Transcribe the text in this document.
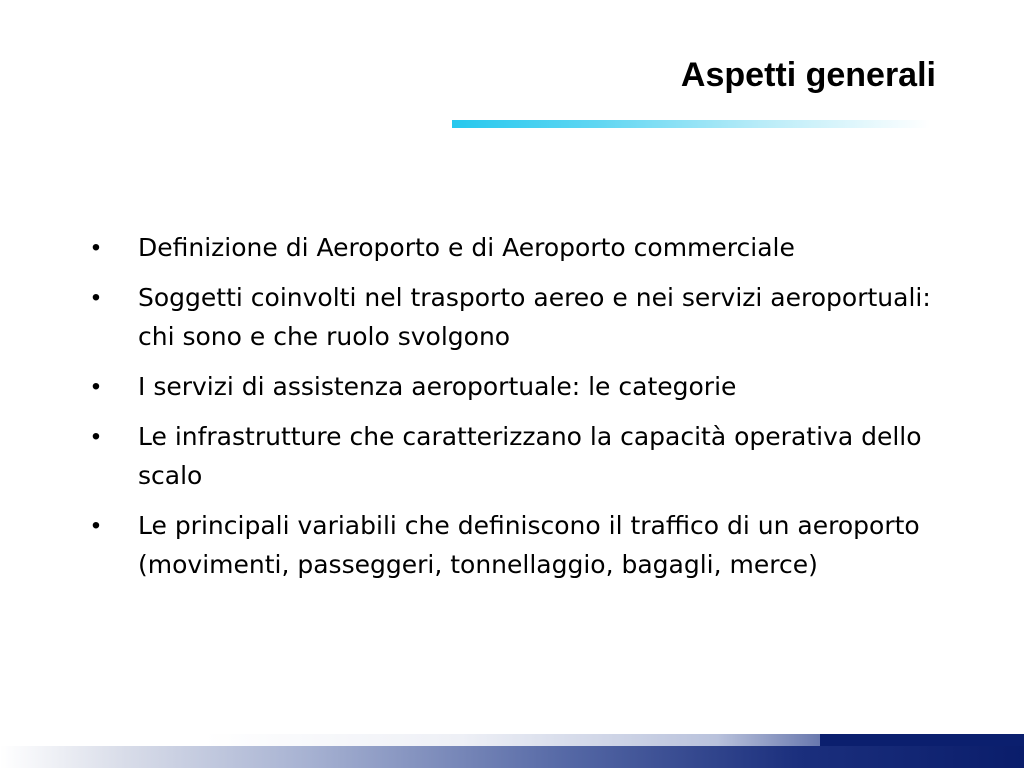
Aspetti generali
• Definizione di Aeroporto e di Aeroporto commerciale
• Soggetti coinvolti nel trasporto aereo e nei servizi aeroportuali: chi sono e che ruolo svolgono
• I servizi di assistenza aeroportuale: le categorie
• Le infrastrutture che caratterizzano la capacità operativa dello scalo
• Le principali variabili che definiscono il traffico di un aeroporto (movimenti, passeggeri, tonnellaggio, bagagli, merce)
